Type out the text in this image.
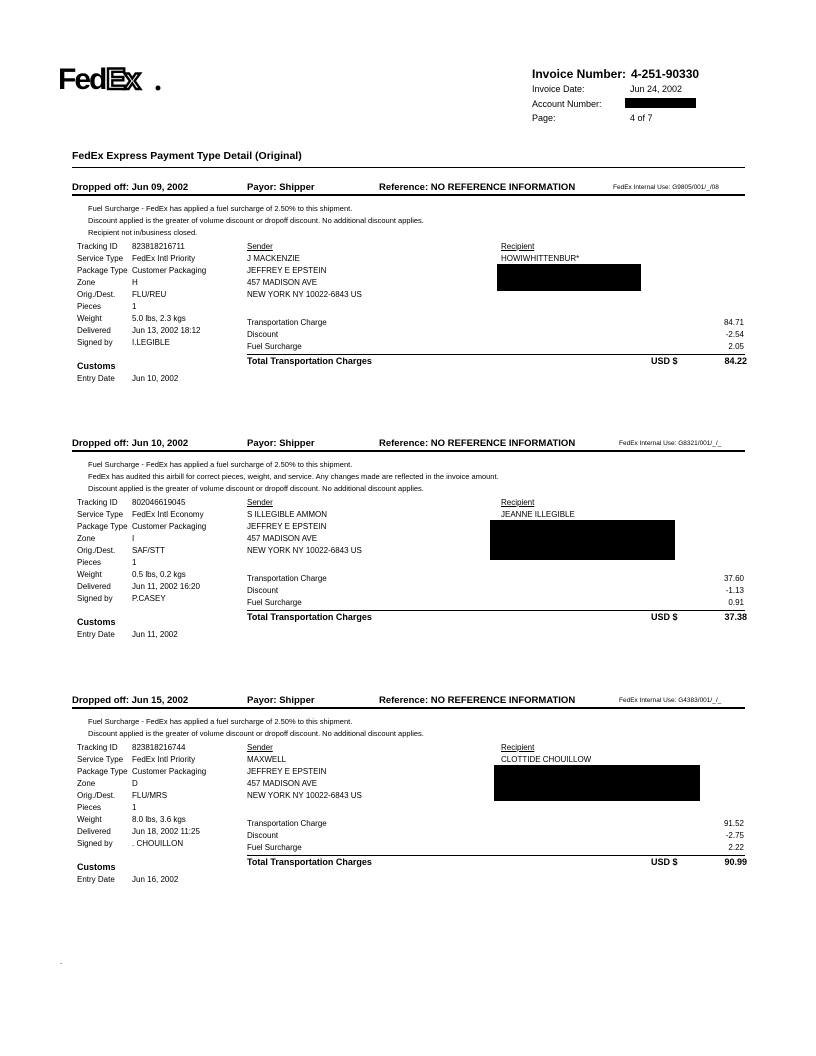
Fed Ex	Invoice Number: 4-251-90330
Invoice Date:	Jun 24, 2002
Account Number:
Page:	4 of 7
FedEx Express Payment Type Detail (Original)
Dropped off: Jun 09, 2002	Payor: Shipper	Reference: NO REFERENCE INFORMATION	FedEx Internal Use: G9805/001/_/08
Fuel Surcharge - FedEx has applied a fuel surcharge of 2.50% to this shipment.
Discount applied is the greater of volume discount or dropoff discount. No additional discount applies.
Recipient not in/business closed.
Tracking ID 823818216711
Service Type FedEx Intl Priority
Package Type Customer Packaging
Zone	H
Orig./Dest. FLU/REU
Pieces	1
Weight	5.0 lbs, 2.3 kgs
Delivered	Jun 13, 2002 18:12
Signed by I.LEGIBLE
Sender
J MACKENZIE
JEFFREY E EPSTEIN
457 MADISON AVE
NEW YORK NY 10022-6843 US
Recipient
HOWIWHITTENBUR*
Transportation Charge	84.71
Discount	-2.54
Fuel Surcharge	2.05
Total Transportation Charges	USD $	84.22
Customs
Entry Date Jun 10, 2002
Dropped off: Jun 10, 2002	Payor: Shipper	Reference: NO REFERENCE INFORMATION	FedEx Internal Use: G8321/001/_/_
Fuel Surcharge - FedEx has applied a fuel surcharge of 2.50% to this shipment.
FedEx has audited this airbill for correct pieces, weight, and service. Any changes made are reflected in the invoice amount.
Discount applied is the greater of volume discount or dropoff discount. No additional discount applies.
Tracking ID 802046619045
Service Type FedEx Intl Economy
Package Type Customer Packaging
Zone	I
Orig./Dest. SAF/STT
Pieces	1
Weight	0.5 lbs, 0.2 kgs
Delivered	Jun 11, 2002 16:20
Signed by P.CASEY
Sender
S ILLEGIBLE AMMON
JEFFREY E EPSTEIN
457 MADISON AVE
NEW YORK NY 10022-6843 US
Recipient
JEANNE ILLEGIBLE
Transportation Charge	37.60
Discount	-1.13
Fuel Surcharge	0.91
Total Transportation Charges	USD $	37.38
Customs
Entry Date Jun 11, 2002
Dropped off: Jun 15, 2002	Payor: Shipper	Reference: NO REFERENCE INFORMATION	FedEx Internal Use: G4383/001/_/_
Fuel Surcharge - FedEx has applied a fuel surcharge of 2.50% to this shipment.
Discount applied is the greater of volume discount or dropoff discount. No additional discount applies.
Tracking ID 823818216744
Service Type FedEx Intl Priority
Package Type Customer Packaging
Zone	D
Orig./Dest. FLU/MRS
Pieces	1
Weight	8.0 lbs, 3.6 kgs
Delivered	Jun 18, 2002 11:25
Signed by . CHOUILLON
Sender
MAXWELL
JEFFREY E EPSTEIN
457 MADISON AVE
NEW YORK NY 10022-6843 US
Recipient
CLOTTIDE CHOUILLOW
Transportation Charge	91.52
Discount	-2.75
Fuel Surcharge	2.22
Total Transportation Charges	USD $	90.99
Customs
Entry Date Jun 16, 2002
.
